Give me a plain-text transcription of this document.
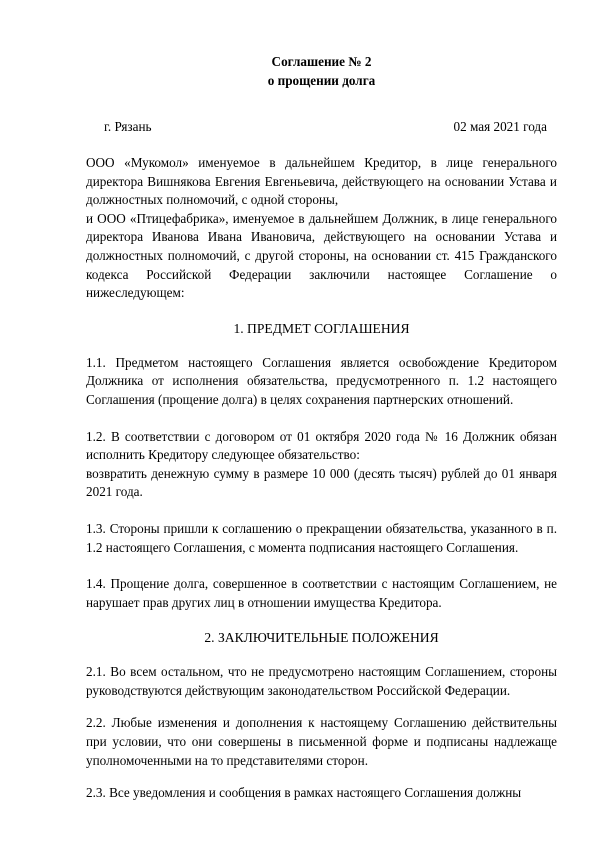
Соглашение № 2
о прощении долга
г. Рязань	02 мая 2021 года

ООО «Мукомол» именуемое в дальнейшем Кредитор, в лице генерального директора Вишнякова Евгения Евгеньевича, действующего на основании Устава и должностных полномочий, с одной стороны,

и ООО «Птицефабрика», именуемое в дальнейшем Должник, в лице генерального директора Иванова Ивана Ивановича, действующего на основании Устава и должностных полномочий, с другой стороны, на основании ст. 415 Гражданского кодекса Российской Федерации заключили настоящее Соглашение о нижеследующем:

1. ПРЕДМЕТ СОГЛАШЕНИЯ

1.1. Предметом настоящего Соглашения является освобождение Кредитором Должника от исполнения обязательства, предусмотренного п. 1.2 настоящего Соглашения (прощение долга) в целях сохранения партнерских отношений.

1.2. В соответствии с договором от 01 октября 2020 года № 16 Должник обязан исполнить Кредитору следующее обязательство:

возвратить денежную сумму в размере 10 000 (десять тысяч) рублей до 01 января 2021 года.

1.3. Стороны пришли к соглашению о прекращении обязательства, указанного в п. 1.2 настоящего Соглашения, с момента подписания настоящего Соглашения.

1.4. Прощение долга, совершенное в соответствии с настоящим Соглашением, не нарушает прав других лиц в отношении имущества Кредитора.

2. ЗАКЛЮЧИТЕЛЬНЫЕ ПОЛОЖЕНИЯ

2.1. Во всем остальном, что не предусмотрено настоящим Соглашением, стороны руководствуются действующим законодательством Российской Федерации.

2.2. Любые изменения и дополнения к настоящему Соглашению действительны при условии, что они совершены в письменной форме и подписаны надлежаще уполномоченными на то представителями сторон.

2.3. Все уведомления и сообщения в рамках настоящего Соглашения должны
